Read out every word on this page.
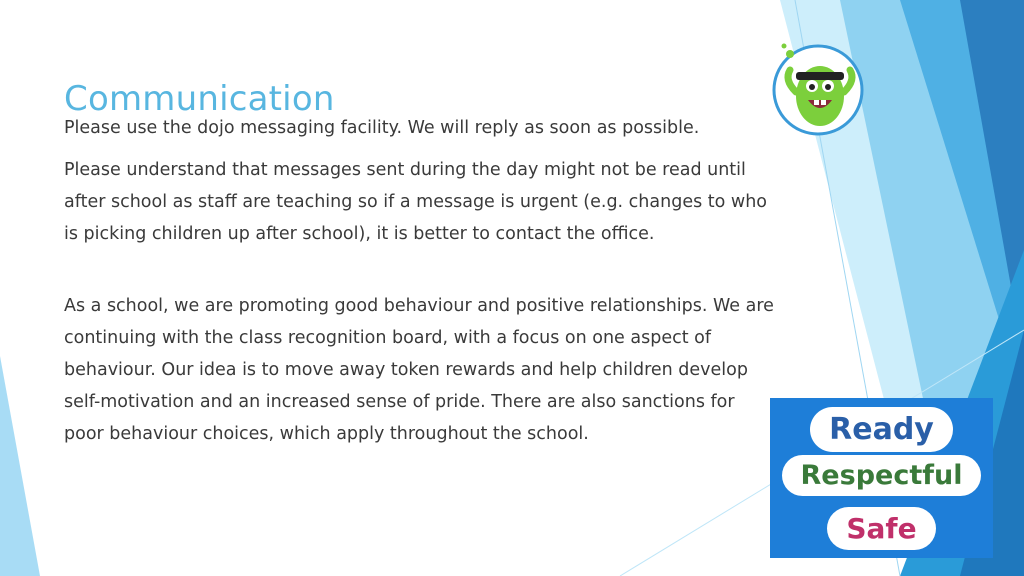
Communication

Please use the dojo messaging facility. We will reply as soon as possible.

Please understand that messages sent during the day might not be read until after school as staff are teaching so if a message is urgent (e.g. changes to who is picking children up after school), it is better to contact the office.

As a school, we are promoting good behaviour and positive relationships. We are continuing with the class recognition board, with a focus on one aspect of behaviour. Our idea is to move away token rewards and help children develop self-motivation and an increased sense of pride. There are also sanctions for poor behaviour choices, which apply throughout the school.	Ready
Respectful
Safe
